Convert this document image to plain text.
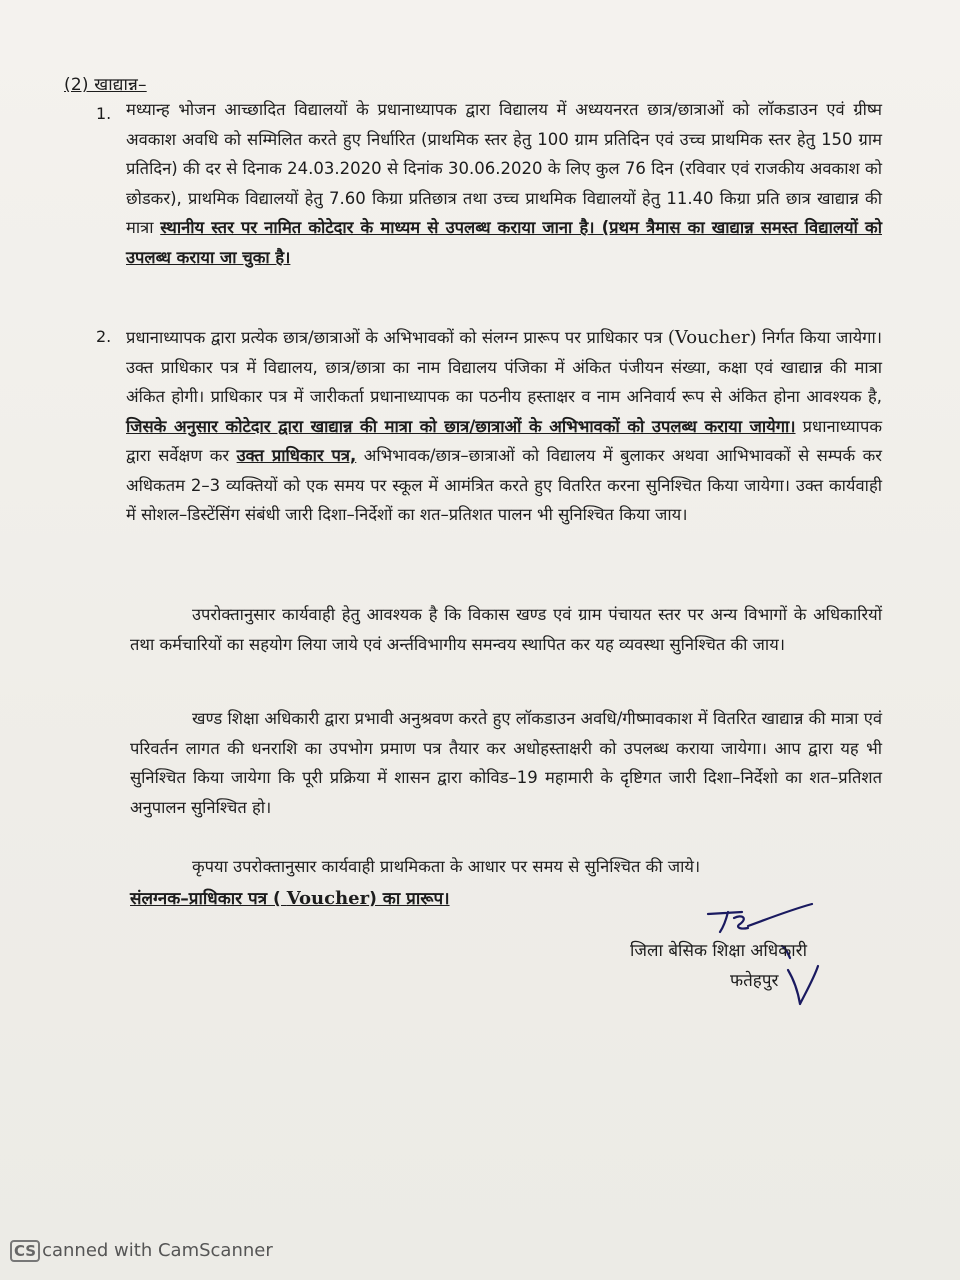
(2) खाद्यान्न–
1. मध्यान्ह भोजन आच्छादित विद्यालयों के प्रधानाध्यापक द्वारा विद्यालय में अध्ययनरत छात्र/छात्राओं को लॉकडाउन एवं ग्रीष्म अवकाश अवधि को सम्मिलित करते हुए निर्धारित (प्राथमिक स्तर हेतु 100 ग्राम प्रतिदिन एवं उच्च प्राथमिक स्तर हेतु 150 ग्राम प्रतिदिन) की दर से दिनाक 24.03.2020 से दिनांक 30.06.2020 के लिए कुल 76 दिन (रविवार एवं राजकीय अवकाश को छोडकर), प्राथमिक विद्यालयों हेतु 7.60 किग्रा प्रतिछात्र तथा उच्च प्राथमिक विद्यालयों हेतु 11.40 किग्रा प्रति छात्र खाद्यान्न की मात्रा स्थानीय स्तर पर नामित कोटेदार के माध्यम से उपलब्ध कराया जाना है। (प्रथम त्रैमास का खाद्यान्न समस्त विद्यालयों को उपलब्ध कराया जा चुका है।
2. प्रधानाध्यापक द्वारा प्रत्येक छात्र/छात्राओं के अभिभावकों को संलग्न प्रारूप पर प्राधिकार पत्र (Voucher) निर्गत किया जायेगा। उक्त प्राधिकार पत्र में विद्यालय, छात्र/छात्रा का नाम विद्यालय पंजिका में अंकित पंजीयन संख्या, कक्षा एवं खाद्यान्न की मात्रा अंकित होगी। प्राधिकार पत्र में जारीकर्ता प्रधानाध्यापक का पठनीय हस्ताक्षर व नाम अनिवार्य रूप से अंकित होना आवश्यक है, जिसके अनुसार कोटेदार द्वारा खाद्यान्न की मात्रा को छात्र/छात्राओं के अभिभावकों को उपलब्ध कराया जायेगा। प्रधानाध्यापक द्वारा सर्वेक्षण कर उक्त प्राधिकार पत्र, अभिभावक/छात्र–छात्राओं को विद्यालय में बुलाकर अथवा आभिभावकों से सम्पर्क कर अधिकतम 2–3 व्यक्तियों को एक समय पर स्कूल में आमंत्रित करते हुए वितरित करना सुनिश्चित किया जायेगा। उक्त कार्यवाही में सोशल–डिस्टेंसिंग संबंधी जारी दिशा–निर्देशों का शत–प्रतिशत पालन भी सुनिश्चित किया जाय।
उपरोक्तानुसार कार्यवाही हेतु आवश्यक है कि विकास खण्ड एवं ग्राम पंचायत स्तर पर अन्य विभागों के अधिकारियों तथा कर्मचारियों का सहयोग लिया जाये एवं अर्न्तविभागीय समन्वय स्थापित कर यह व्यवस्था सुनिश्चित की जाय।
खण्ड शिक्षा अधिकारी द्वारा प्रभावी अनुश्रवण करते हुए लॉकडाउन अवधि/गीष्मावकाश में वितरित खाद्यान्न की मात्रा एवं परिवर्तन लागत की धनराशि का उपभोग प्रमाण पत्र तैयार कर अधोहस्ताक्षरी को उपलब्ध कराया जायेगा। आप द्वारा यह भी सुनिश्चित किया जायेगा कि पूरी प्रक्रिया में शासन द्वारा कोविड–19 महामारी के दृष्टिगत जारी दिशा–निर्देशो का शत–प्रतिशत अनुपालन सुनिश्चित हो।
कृपया उपरोक्तानुसार कार्यवाही प्राथमिकता के आधार पर समय से सुनिश्चित की जाये।
संलग्नक–प्राधिकार पत्र ( Voucher) का प्रारूप।
जिला बेसिक शिक्षा अधिकारी
फतेहपुर
CS canned with CamScanner
